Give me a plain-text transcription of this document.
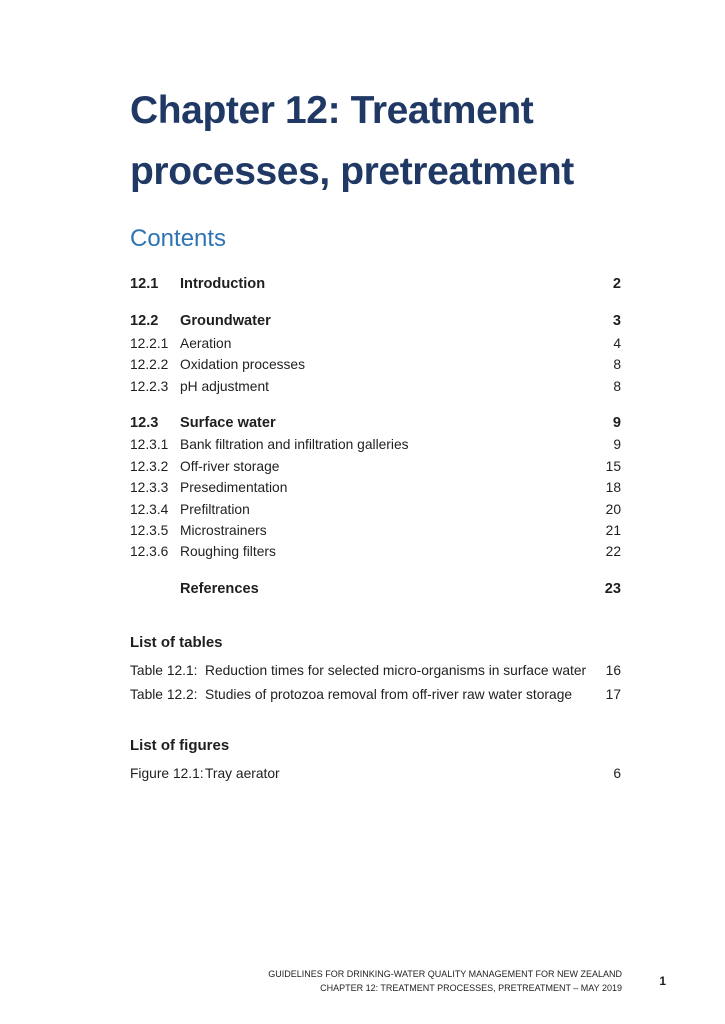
Chapter 12: Treatment
processes, pretreatment
Contents
12.1	Introduction	2
12.2	Groundwater	3
12.2.1 Aeration	4
12.2.2 Oxidation processes	8
12.2.3 pH adjustment	8
12.3	Surface water	9
12.3.1 Bank filtration and infiltration galleries	9
12.3.2 Off-river storage	15
12.3.3 Presedimentation	18
12.3.4 Prefiltration	20
12.3.5 Microstrainers	21
12.3.6 Roughing filters	22
References	23
List of tables
Table 12.1: Reduction times for selected micro-organisms in surface water	16
Table 12.2: Studies of protozoa removal from off-river raw water storage	17
List of figures
Figure 12.1: Tray aerator	6
GUIDELINES FOR DRINKING-WATER QUALITY MANAGEMENT FOR NEW ZEALAND
CHAPTER 12: TREATMENT PROCESSES, PRETREATMENT – MAY 2019	1
